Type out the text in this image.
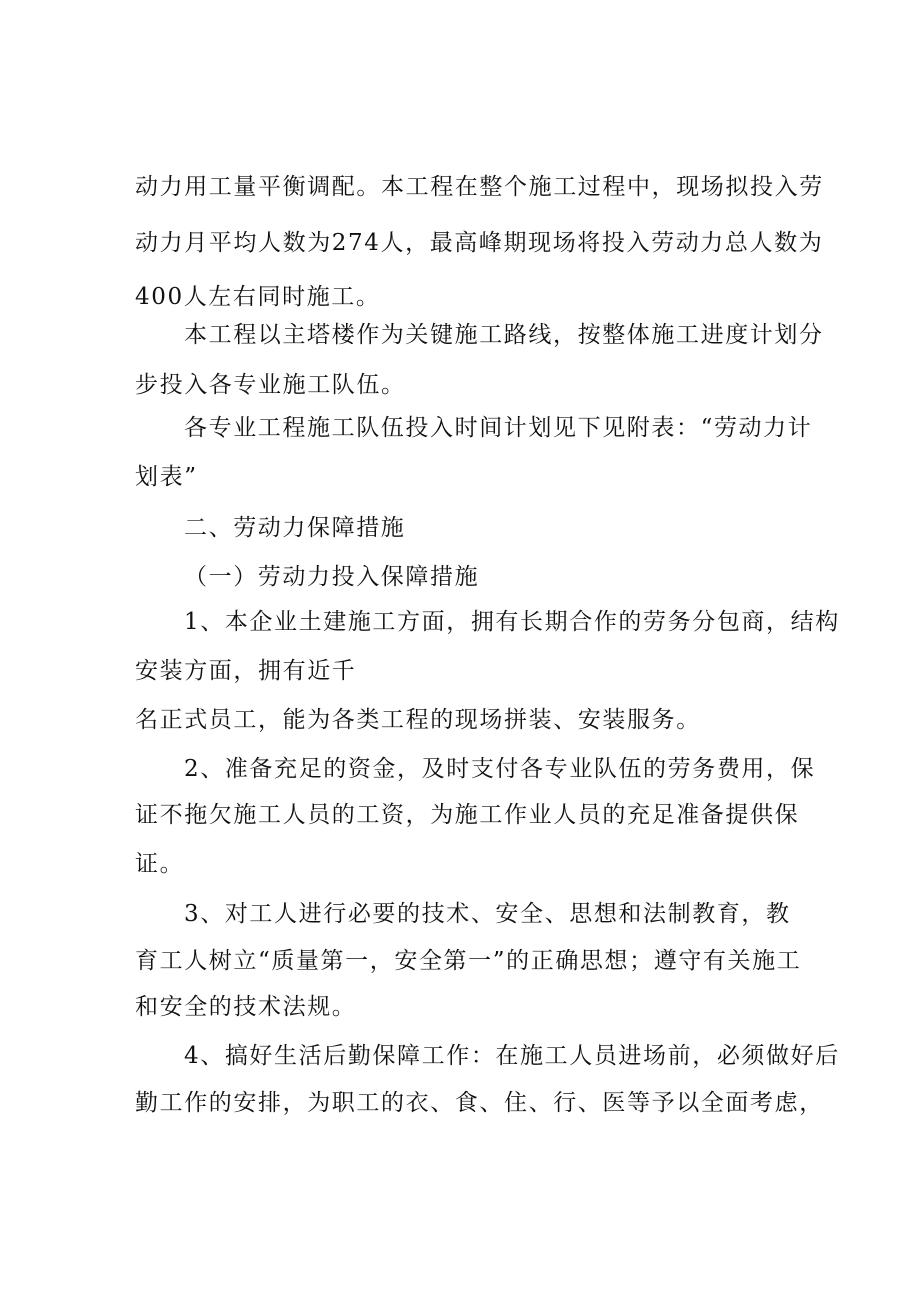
动力用工量平衡调配。本工程在整个施工过程中，现场拟投入劳
动力月平均人数为274人，最高峰期现场将投入劳动力总人数为
400人左右同时施工。
本工程以主塔楼作为关键施工路线，按整体施工进度计划分
步投入各专业施工队伍。
各专业工程施工队伍投入时间计划见下见附表：“劳动力计
划表”
二、劳动力保障措施
（一）劳动力投入保障措施
1、本企业土建施工方面，拥有长期合作的劳务分包商，结构
安装方面，拥有近千
名正式员工，能为各类工程的现场拼装、安装服务。
2、准备充足的资金，及时支付各专业队伍的劳务费用，保
证不拖欠施工人员的工资，为施工作业人员的充足准备提供保
证。
3、对工人进行必要的技术、安全、思想和法制教育，教
育工人树立“质量第一，安全第一”的正确思想；遵守有关施工
和安全的技术法规。
4、搞好生活后勤保障工作：在施工人员进场前，必须做好后
勤工作的安排，为职工的衣、食、住、行、医等予以全面考虑，
